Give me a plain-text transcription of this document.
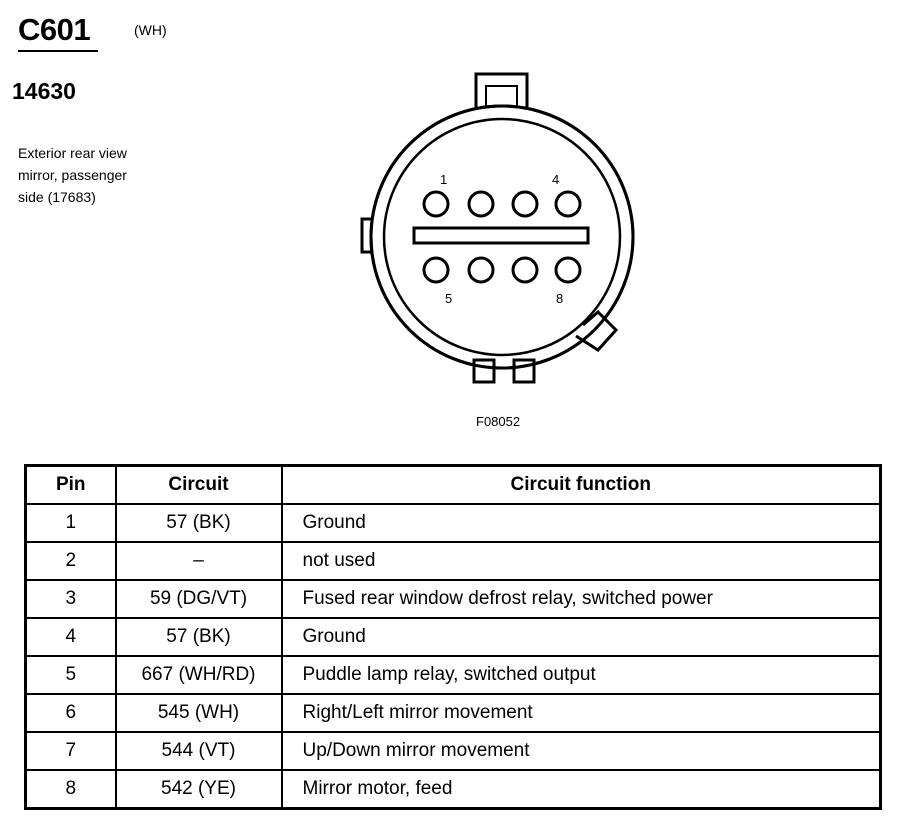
C601	(WH)
14630
Exterior rear view
mirror, passenger
side (17683)
1	4
5	8
F08052
Pin	Circuit	Circuit function
1	57 (BK)	Ground
2	–	not used
3	59 (DG/VT)	Fused rear window defrost relay, switched power
4	57 (BK)	Ground
5	667 (WH/RD)	Puddle lamp relay, switched output
6	545 (WH)	Right/Left mirror movement
7	544 (VT)	Up/Down mirror movement
8	542 (YE)	Mirror motor, feed
